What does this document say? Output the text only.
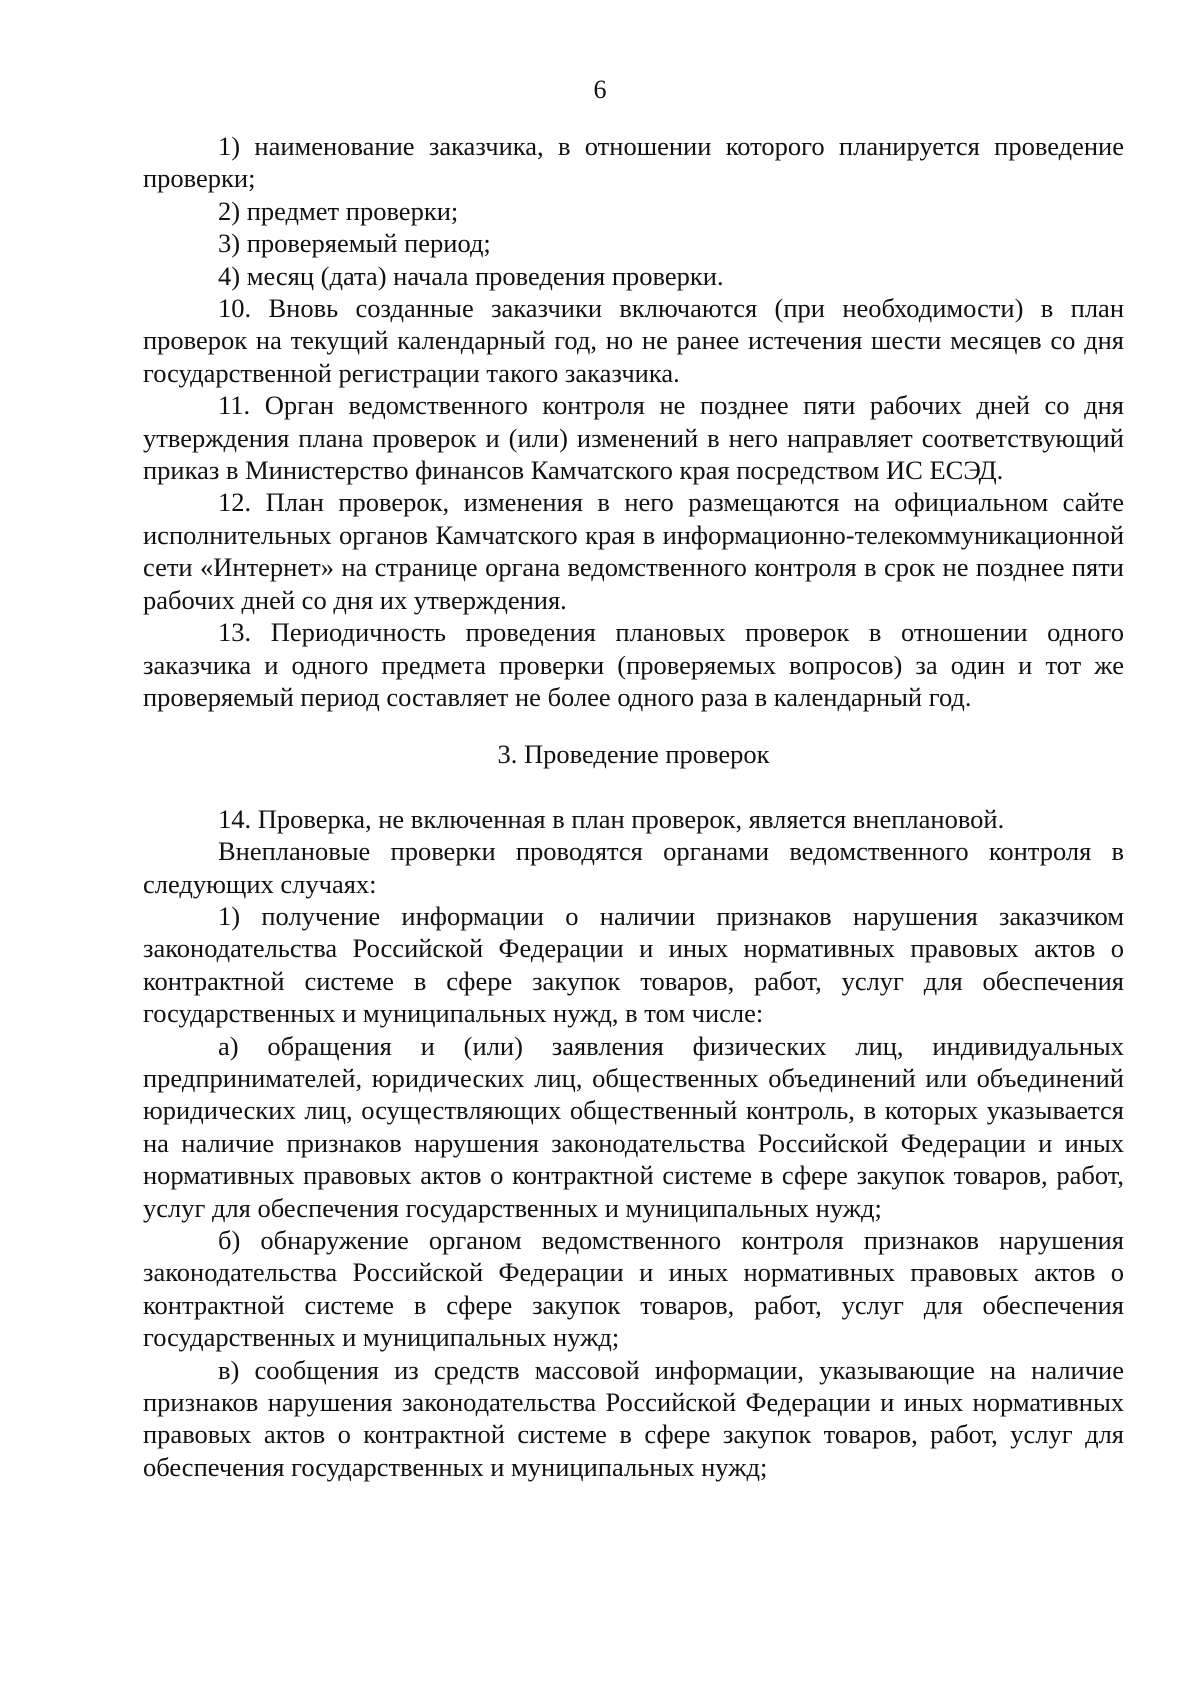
6

1) наименование заказчика, в отношении которого планируется проведение проверки;

2) предмет проверки;

3) проверяемый период;

4) месяц (дата) начала проведения проверки.

10. Вновь созданные заказчики включаются (при необходимости) в план проверок на текущий календарный год, но не ранее истечения шести месяцев со дня государственной регистрации такого заказчика.

11. Орган ведомственного контроля не позднее пяти рабочих дней со дня утверждения плана проверок и (или) изменений в него направляет соответствующий приказ в Министерство финансов Камчатского края посредством ИС ЕСЭД.

12. План проверок, изменения в него размещаются на официальном сайте исполнительных органов Камчатского края в информационно-телекоммуникационной сети «Интернет» на странице органа ведомственного контроля в срок не позднее пяти рабочих дней со дня их утверждения.

13. Периодичность проведения плановых проверок в отношении одного заказчика и одного предмета проверки (проверяемых вопросов) за один и тот же проверяемый период составляет не более одного раза в календарный год.

3. Проведение проверок

14. Проверка, не включенная в план проверок, является внеплановой.

Внеплановые проверки проводятся органами ведомственного контроля в следующих случаях:

1) получение информации о наличии признаков нарушения заказчиком законодательства Российской Федерации и иных нормативных правовых актов о контрактной системе в сфере закупок товаров, работ, услуг для обеспечения государственных и муниципальных нужд, в том числе:

а) обращения и (или) заявления физических лиц, индивидуальных предпринимателей, юридических лиц, общественных объединений или объединений юридических лиц, осуществляющих общественный контроль, в которых указывается на наличие признаков нарушения законодательства Российской Федерации и иных нормативных правовых актов о контрактной системе в сфере закупок товаров, работ, услуг для обеспечения государственных и муниципальных нужд;

б) обнаружение органом ведомственного контроля признаков нарушения законодательства Российской Федерации и иных нормативных правовых актов о контрактной системе в сфере закупок товаров, работ, услуг для обеспечения государственных и муниципальных нужд;

в) сообщения из средств массовой информации, указывающие на наличие признаков нарушения законодательства Российской Федерации и иных нормативных правовых актов о контрактной системе в сфере закупок товаров, работ, услуг для обеспечения государственных и муниципальных нужд;
